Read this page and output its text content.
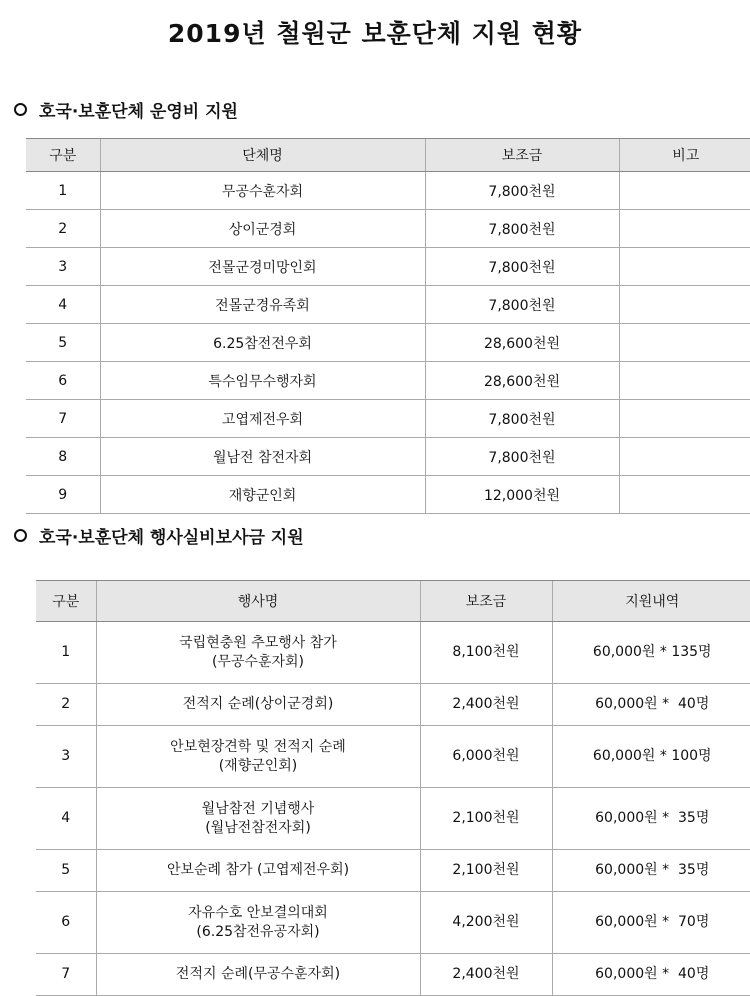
2019년 철원군 보훈단체 지원 현황
호국·보훈단체 운영비 지원
구분	단체명	보조금	비고
1	무공수훈자회	7,800천원	
2	상이군경회	7,800천원	
3	전몰군경미망인회	7,800천원	
4	전몰군경유족회	7,800천원	
5	6.25참전전우회	28,600천원	
6	특수임무수행자회	28,600천원	
7	고엽제전우회	7,800천원	
8	월남전 참전자회	7,800천원	
9	재향군인회	12,000천원	
호국·보훈단체 행사실비보사금 지원
구분	행사명	보조금	지원내역
1	국립현충원 추모행사 참가
(무공수훈자회)	8,100천원	60,000원 * 135명
2	전적지 순례(상이군경회)	2,400천원	60,000원 *  40명
3	안보현장견학 및 전적지 순례
(재향군인회)	6,000천원	60,000원 * 100명
4	월남참전 기념행사
(월남전참전자회)	2,100천원	60,000원 *  35명
5	안보순례 참가 (고엽제전우회)	2,100천원	60,000원 *  35명
6	자유수호 안보결의대회
(6.25참전유공자회)	4,200천원	60,000원 *  70명
7	전적지 순례(무공수훈자회)	2,400천원	60,000원 *  40명
